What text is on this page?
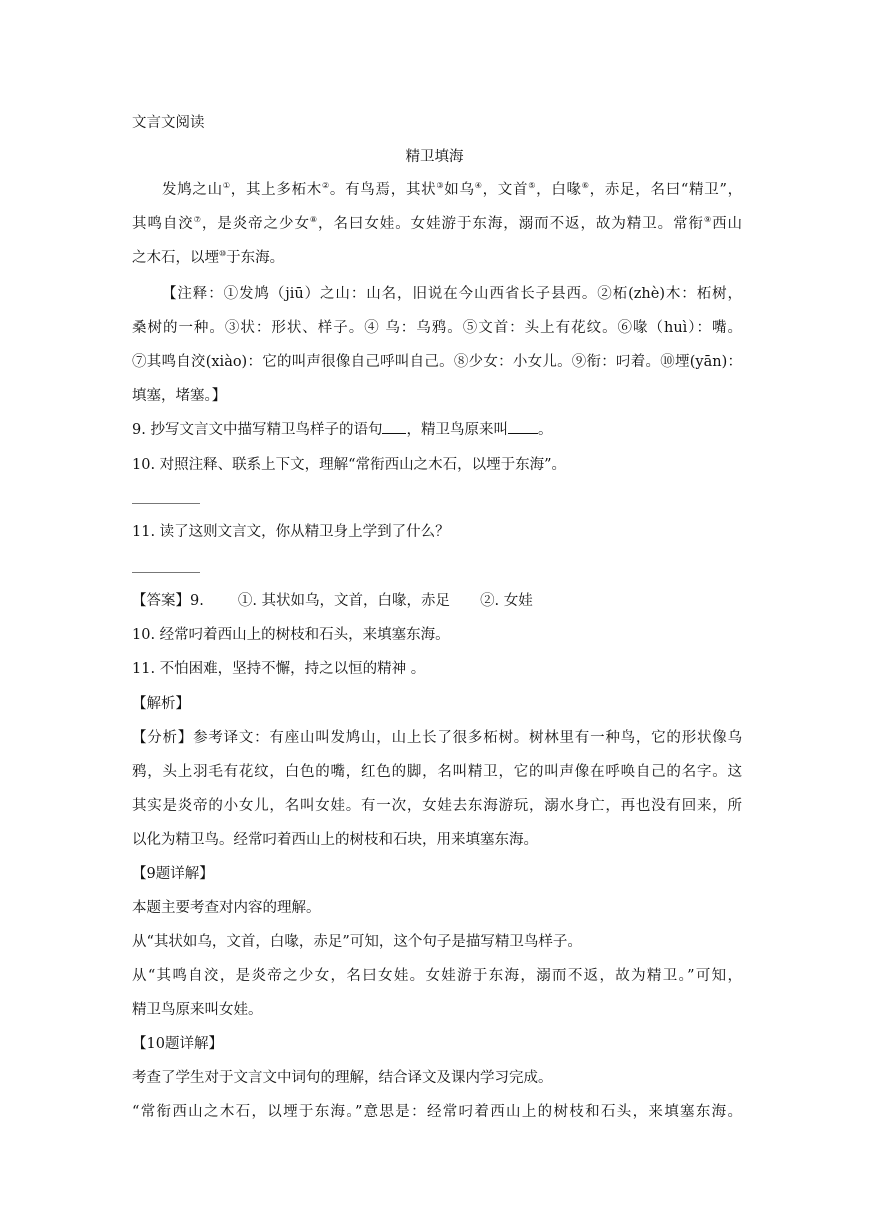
文言文阅读
精卫填海
发鸠之山①，其上多柘木②。有鸟焉，其状③如乌④，文首⑤，白喙⑥，赤足，名曰“精卫”，
其鸣自洨⑦，是炎帝之少女⑧，名曰女娃。女娃游于东海，溺而不返，故为精卫。常衔⑨西山
之木石，以堙⑩于东海。
【注释：①发鸠（jiū）之山：山名，旧说在今山西省长子县西。②柘(zhè)木：柘树，
桑树的一种。③状：形状、样子。④ 乌：乌鸦。⑤文首：头上有花纹。⑥喙（huì）：嘴。
⑦其鸣自洨(xiào)：它的叫声很像自己呼叫自己。⑧少女：小女儿。⑨衔：叼着。⑩堙(yān)：
填塞，堵塞。】
9. 抄写文言文中描写精卫鸟样子的语句 ，精卫鸟原来叫 。
10. 对照注释、联系上下文，理解“常衔西山之木石，以堙于东海”。
11. 读了这则文言文，你从精卫身上学到了什么？
【答案】9. ①. 其状如乌，文首，白喙，赤足 ②. 女娃
10. 经常叼着西山上的树枝和石头，来填塞东海。
11. 不怕困难，坚持不懈，持之以恒的精神 。
【解析】
【分析】参考译文：有座山叫发鸠山，山上长了很多柘树。树林里有一种鸟，它的形状像乌
鸦，头上羽毛有花纹，白色的嘴，红色的脚，名叫精卫，它的叫声像在呼唤自己的名字。这
其实是炎帝的小女儿，名叫女娃。有一次，女娃去东海游玩，溺水身亡，再也没有回来，所
以化为精卫鸟。经常叼着西山上的树枝和石块，用来填塞东海。
【9题详解】
本题主要考查对内容的理解。
从“其状如乌，文首，白喙，赤足”可知，这个句子是描写精卫鸟样子。
从“其鸣自洨，是炎帝之少女，名曰女娃。女娃游于东海，溺而不返，故为精卫。”可知，
精卫鸟原来叫女娃。
【10题详解】
考查了学生对于文言文中词句的理解，结合译文及课内学习完成。
“常衔西山之木石，以堙于东海。”意思是：经常叼着西山上的树枝和石头，来填塞东海。
